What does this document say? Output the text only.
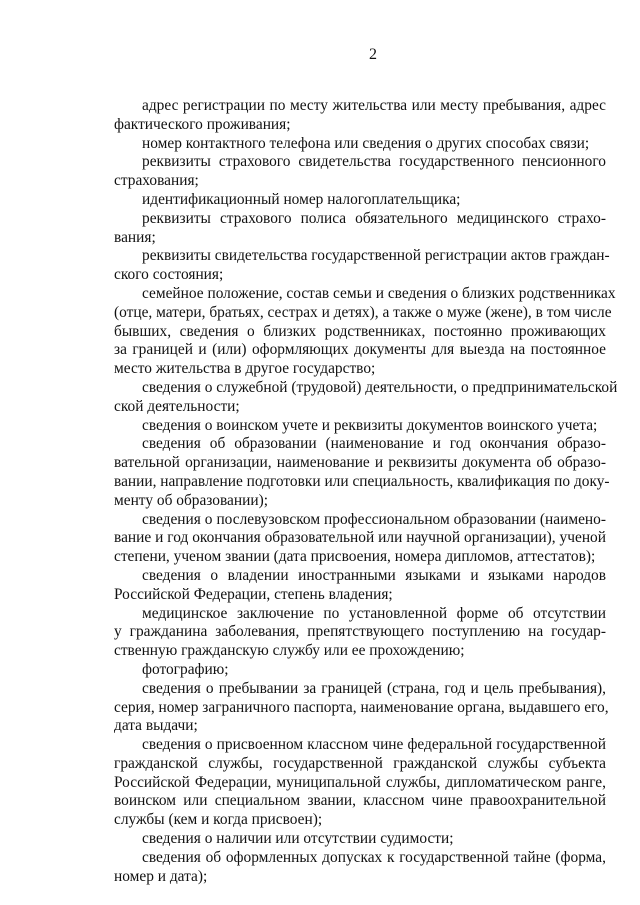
2
адрес регистрации по месту жительства или месту пребывания, адрес
фактического проживания;
номер контактного телефона или сведения о других способах связи;
реквизиты страхового свидетельства государственного пенсионного
страхования;
идентификационный номер налогоплательщика;
реквизиты страхового полиса обязательного медицинского страхо-
вания;
реквизиты свидетельства государственной регистрации актов граждан-
ского состояния;
семейное положение, состав семьи и сведения о близких родственниках
(отце, матери, братьях, сестрах и детях), а также о муже (жене), в том числе
бывших, сведения о близких родственниках, постоянно проживающих
за границей и (или) оформляющих документы для выезда на постоянное
место жительства в другое государство;
сведения о служебной (трудовой) деятельности, о предпринимательской
ской деятельности;
сведения о воинском учете и реквизиты документов воинского учета;
сведения об образовании (наименование и год окончания образо-
вательной организации, наименование и реквизиты документа об образо-
вании, направление подготовки или специальность, квалификация по доку-
менту об образовании);
сведения о послевузовском профессиональном образовании (наимено-
вание и год окончания образовательной или научной организации), ученой
степени, ученом звании (дата присвоения, номера дипломов, аттестатов);
сведения о владении иностранными языками и языками народов
Российской Федерации, степень владения;
медицинское заключение по установленной форме об отсутствии
у гражданина заболевания, препятствующего поступлению на государ-
ственную гражданскую службу или ее прохождению;
фотографию;
сведения о пребывании за границей (страна, год и цель пребывания),
серия, номер заграничного паспорта, наименование органа, выдавшего его,
дата выдачи;
сведения о присвоенном классном чине федеральной государственной
гражданской службы, государственной гражданской службы субъекта
Российской Федерации, муниципальной службы, дипломатическом ранге,
воинском или специальном звании, классном чине правоохранительной
службы (кем и когда присвоен);
сведения о наличии или отсутствии судимости;
сведения об оформленных допусках к государственной тайне (форма,
номер и дата);
